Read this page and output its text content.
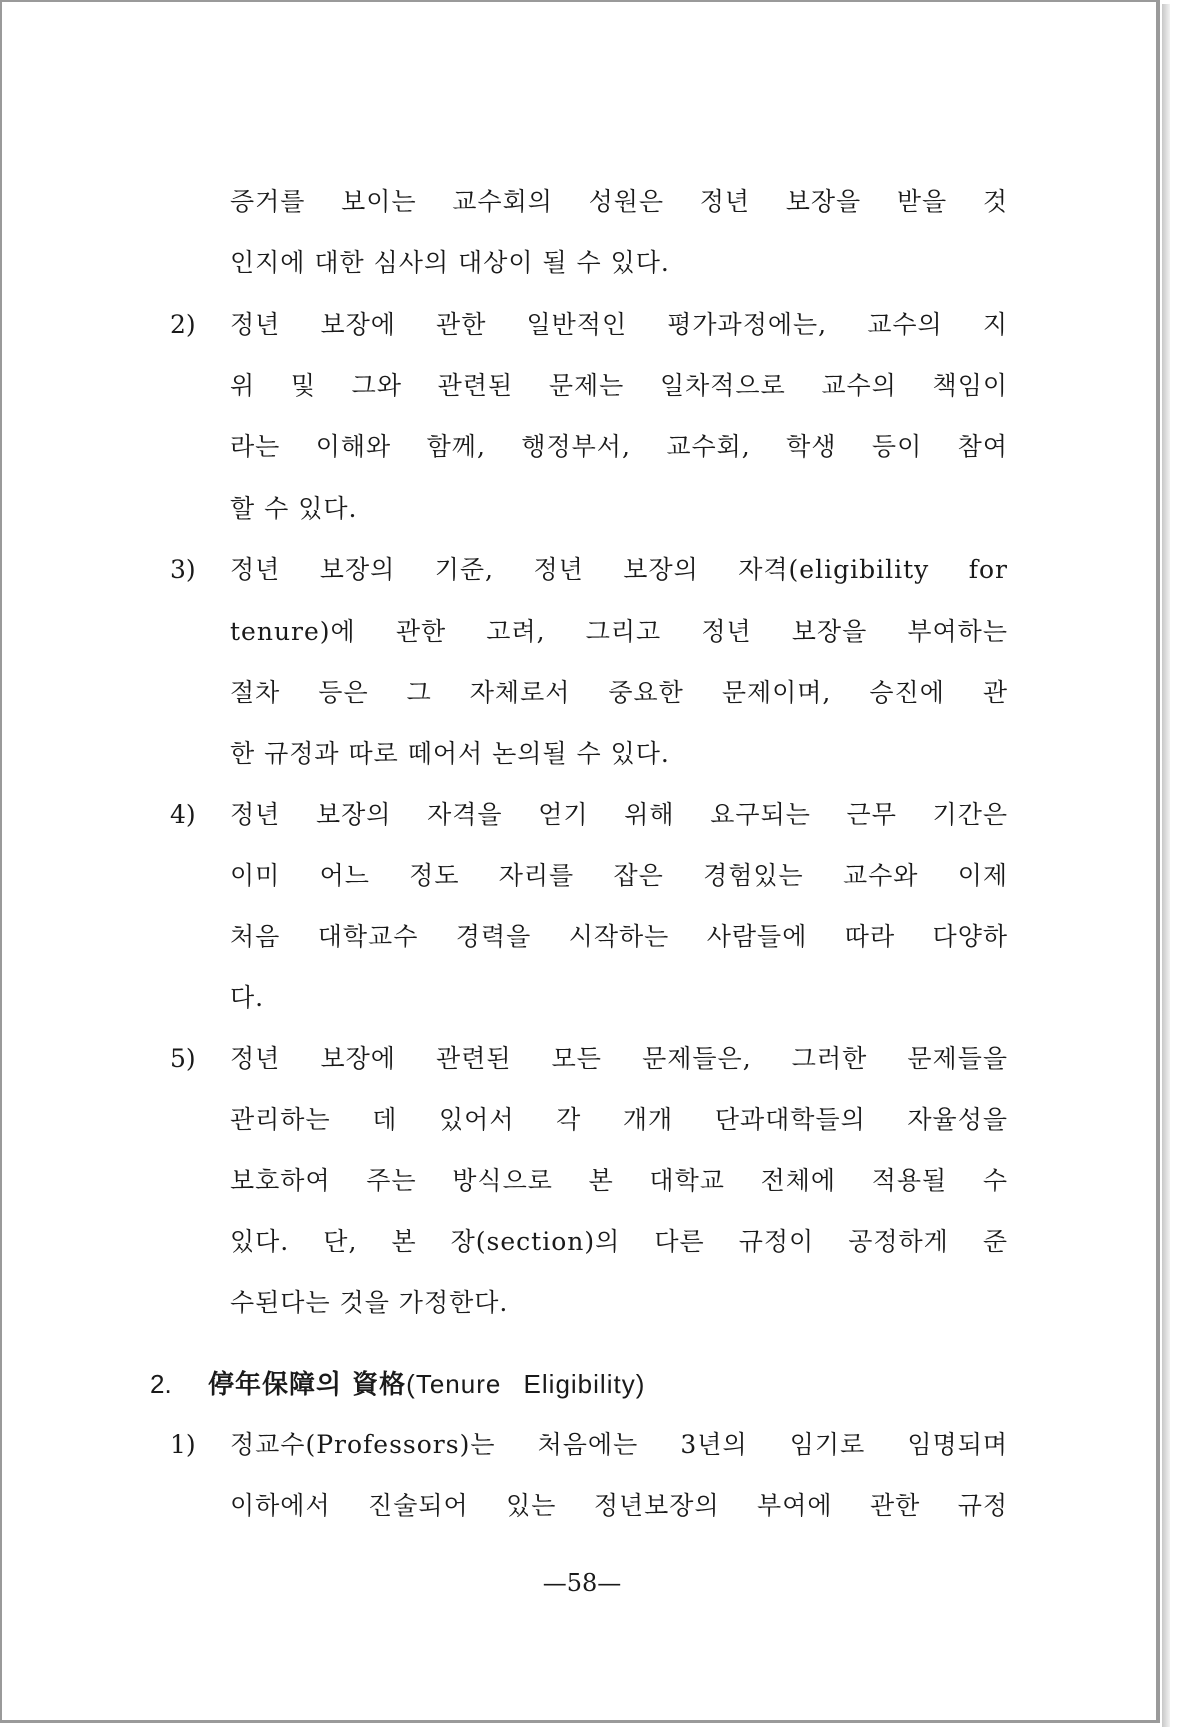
증거를 보이는 교수회의 성원은 정년 보장을 받을 것
인지에 대한 심사의 대상이 될 수 있다.
2) 정년 보장에 관한 일반적인 평가과정에는, 교수의 지
위 및 그와 관련된 문제는 일차적으로 교수의 책임이
라는 이해와 함께, 행정부서, 교수회, 학생 등이 참여
할 수 있다.
3) 정년 보장의 기준, 정년 보장의 자격(eligibility for
tenure)에 관한 고려, 그리고 정년 보장을 부여하는
절차 등은 그 자체로서 중요한 문제이며, 승진에 관
한 규정과 따로 떼어서 논의될 수 있다.
4) 정년 보장의 자격을 얻기 위해 요구되는 근무 기간은
이미 어느 정도 자리를 잡은 경험있는 교수와 이제
처음 대학교수 경력을 시작하는 사람들에 따라 다양하
다.
5) 정년 보장에 관련된 모든 문제들은, 그러한 문제들을
관리하는 데 있어서 각 개개 단과대학들의 자율성을
보호하여 주는 방식으로 본 대학교 전체에 적용될 수
있다. 단, 본 장(section)의 다른 규정이 공정하게 준
수된다는 것을 가정한다.
2. 停年保障의 資格(Tenure Eligibility)
1) 정교수(Professors)는 처음에는 3년의 임기로 임명되며
이하에서 진술되어 있는 정년보장의 부여에 관한 규정
—58—
